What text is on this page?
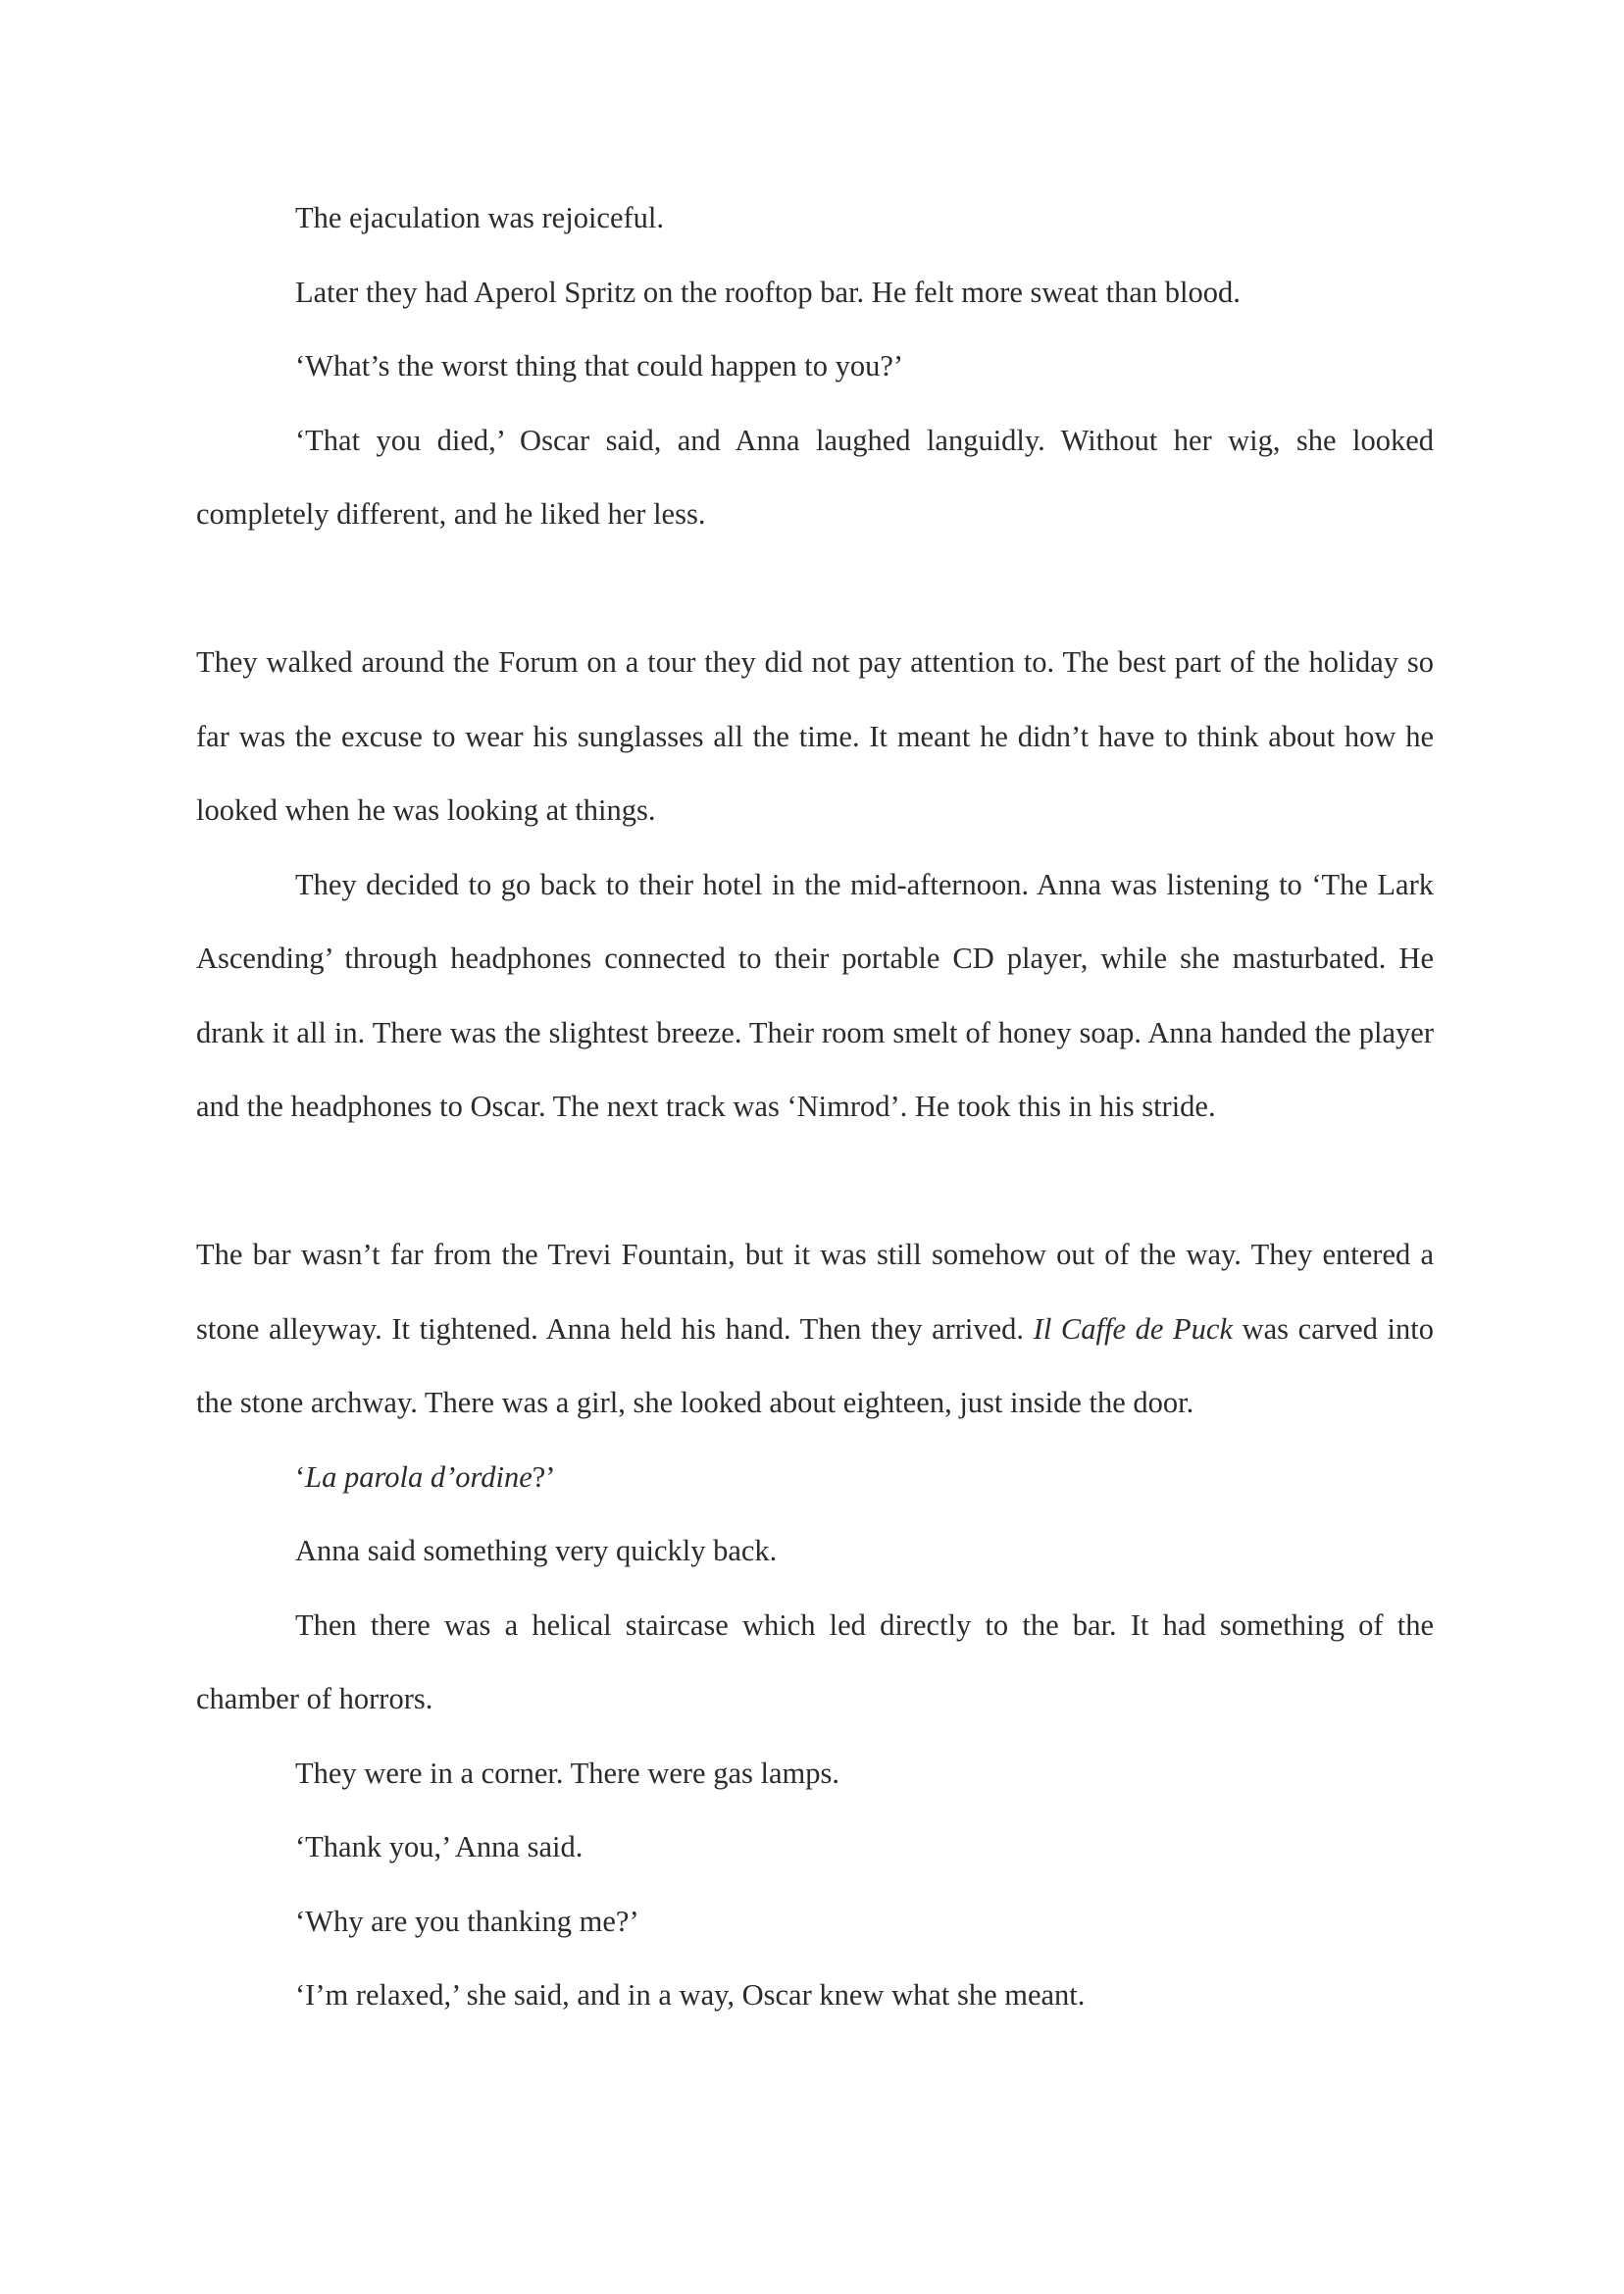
The ejaculation was rejoiceful.

Later they had Aperol Spritz on the rooftop bar. He felt more sweat than blood.

‘What’s the worst thing that could happen to you?’

‘That you died,’ Oscar said, and Anna laughed languidly. Without her wig, she looked completely different, and he liked her less.

They walked around the Forum on a tour they did not pay attention to. The best part of the holiday so far was the excuse to wear his sunglasses all the time. It meant he didn’t have to think about how he looked when he was looking at things.

They decided to go back to their hotel in the mid-afternoon. Anna was listening to ‘The Lark Ascending’ through headphones connected to their portable CD player, while she masturbated. He drank it all in. There was the slightest breeze. Their room smelt of honey soap. Anna handed the player and the headphones to Oscar. The next track was ‘Nimrod’. He took this in his stride.

The bar wasn’t far from the Trevi Fountain, but it was still somehow out of the way. They entered a stone alleyway. It tightened. Anna held his hand. Then they arrived. Il Caffe de Puck was carved into the stone archway. There was a girl, she looked about eighteen, just inside the door.

‘La parola d’ordine?’

Anna said something very quickly back.

Then there was a helical staircase which led directly to the bar. It had something of the chamber of horrors.

They were in a corner. There were gas lamps.

‘Thank you,’ Anna said.

‘Why are you thanking me?’

‘I’m relaxed,’ she said, and in a way, Oscar knew what she meant.
